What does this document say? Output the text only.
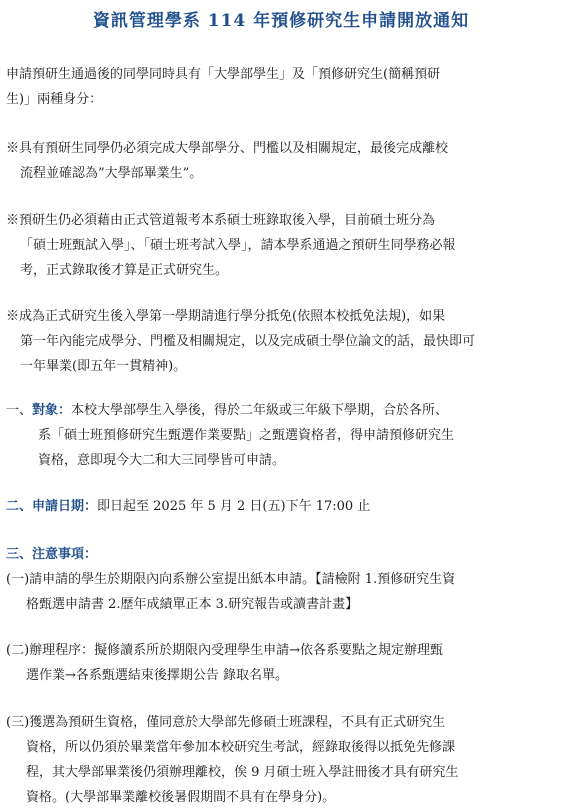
資訊管理學系 114 年預修研究生申請開放通知
申請預研生通過後的同學同時具有「大學部學生」及「預修研究生(簡稱預研
生)」兩種身分：
※具有預研生同學仍必須完成大學部學分、門檻以及相關規定，最後完成離校
流程並確認為”大學部畢業生”。
※預研生仍必須藉由正式管道報考本系碩士班錄取後入學，目前碩士班分為
「碩士班甄試入學」、「碩士班考試入學」，請本學系通過之預研生同學務必報
考，正式錄取後才算是正式研究生。
※成為正式研究生後入學第一學期請進行學分抵免(依照本校抵免法規)，如果
第一年內能完成學分、門檻及相關規定，以及完成碩士學位論文的話，最快即可
一年畢業(即五年一貫精神)。
一、對象：本校大學部學生入學後，得於二年級或三年級下學期，合於各所、
系「碩士班預修研究生甄選作業要點」之甄選資格者，得申請預修研究生
資格，意即現今大二和大三同學皆可申請。
二、申請日期：即日起至 2025 年 5 月 2 日(五)下午 17:00 止
三、注意事項：
(一)請申請的學生於期限內向系辦公室提出紙本申請。【請檢附 1.預修研究生資
格甄選申請書 2.歷年成績單正本 3.研究報告或讀書計畫】
(二)辦理程序：擬修讀系所於期限內受理學生申請→依各系要點之規定辦理甄
選作業→各系甄選結束後擇期公告 錄取名單。
(三)獲選為預研生資格，僅同意於大學部先修碩士班課程，不具有正式研究生
資格，所以仍須於畢業當年參加本校研究生考試，經錄取後得以抵免先修課
程，其大學部畢業後仍須辦理離校，俟 9 月碩士班入學註冊後才具有研究生
資格。(大學部畢業離校後暑假期間不具有在學身分)。
